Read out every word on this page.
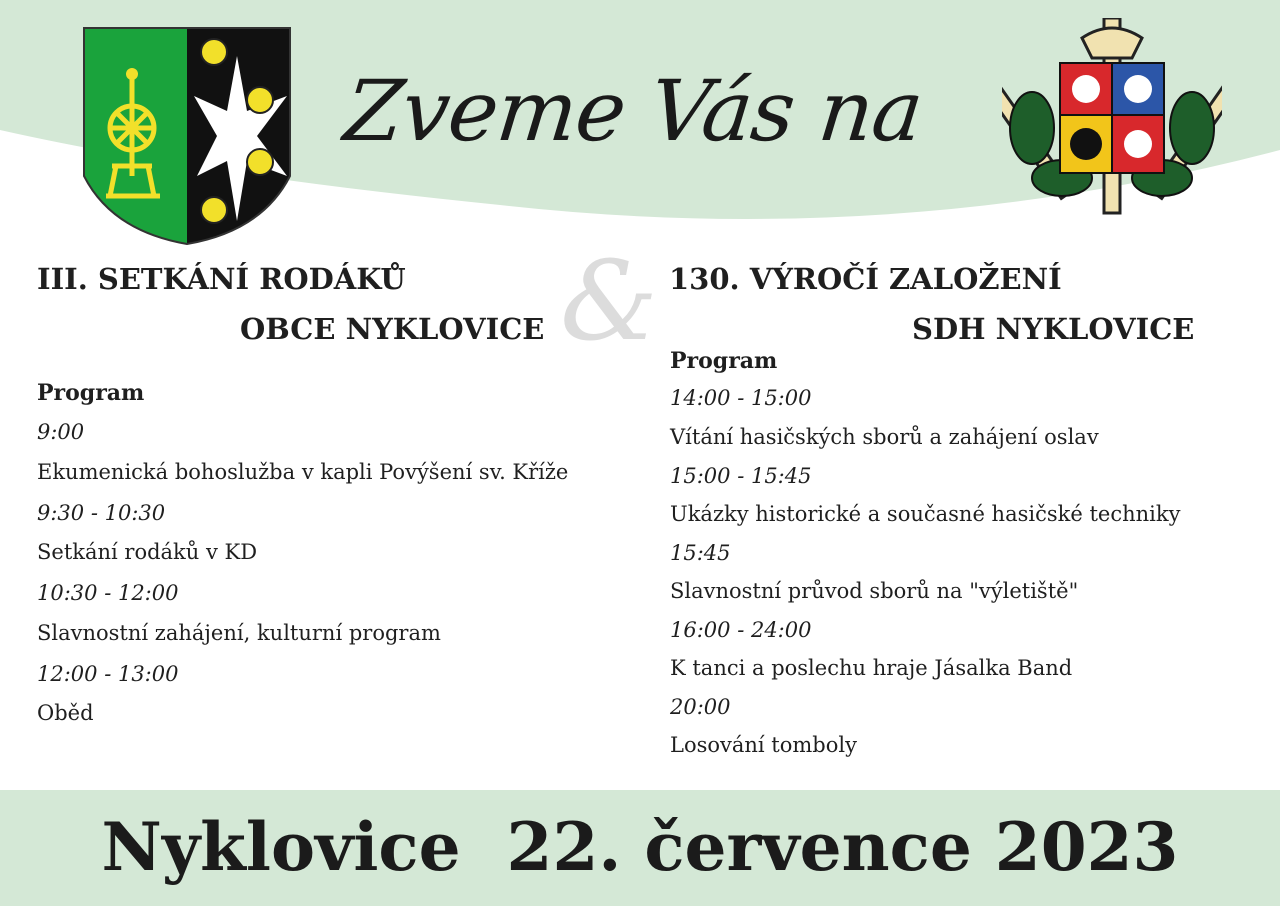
Zveme Vás na
&
III. SETKÁNÍ RODÁKŮ
OBCE NYKLOVICE
Program
9:00
Ekumenická bohoslužba v kapli Povýšení sv. Kříže
9:30 - 10:30
Setkání rodáků v KD
10:30 - 12:00
Slavnostní zahájení, kulturní program
12:00 - 13:00
Oběd
130. VÝROČÍ ZALOŽENÍ
SDH NYKLOVICE
Program
14:00 - 15:00
Vítání hasičských sborů a zahájení oslav
15:00 - 15:45
Ukázky historické a současné hasičské techniky
15:45
Slavnostní průvod sborů na "výletiště"
16:00 - 24:00
K tanci a poslechu hraje Jásalka Band
20:00
Losování tomboly
Nyklovice  22. července 2023
